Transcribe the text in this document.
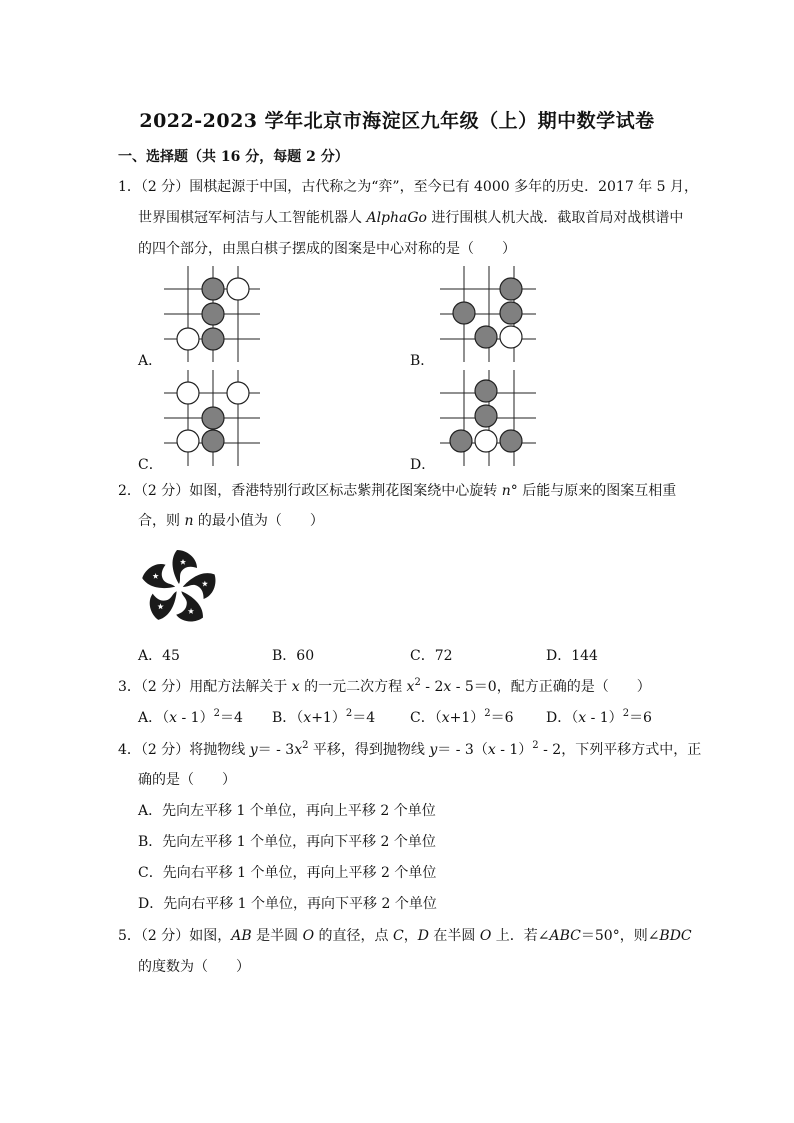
2022-2023 学年北京市海淀区九年级（上）期中数学试卷
一、选择题（共 16 分，每题 2 分）
1．（2 分）围棋起源于中国，古代称之为“弈”，至今已有 4000 多年的历史．2017 年 5 月，
世界围棋冠军柯洁与人工智能机器人 AlphaGo 进行围棋人机大战．截取首局对战棋谱中
的四个部分，由黑白棋子摆成的图案是中心对称的是（　　）
A．	B．
C．	D．
2．（2 分）如图，香港特别行政区标志紫荆花图案绕中心旋转 n° 后能与原来的图案互相重
合，则 n 的最小值为（　　）
A．45	B．60	C．72	D．144
3．（2 分）用配方法解关于 x 的一元二次方程 $x^2 - 2x - 5=0$，配方正确的是（　　）
A．（x - 1）$^2$＝4 B．$(x+1)^2=4$ C．$(x+1)^2=6$ D．（x - 1）$^2$＝6
4．（2 分）将抛物线 $y= - 3x^2$ 平移，得到抛物线 y＝ - 3（x - 1）$^2$ - 2，下列平移方式中，正
确的是（　　）
A．先向左平移 1 个单位，再向上平移 2 个单位
B．先向左平移 1 个单位，再向下平移 2 个单位
C．先向右平移 1 个单位，再向上平移 2 个单位
D．先向右平移 1 个单位，再向下平移 2 个单位
5．（2 分）如图，AB 是半圆 O 的直径，点 C，D 在半圆 O 上．若∠ABC＝50°，则∠BDC
的度数为（　　）
